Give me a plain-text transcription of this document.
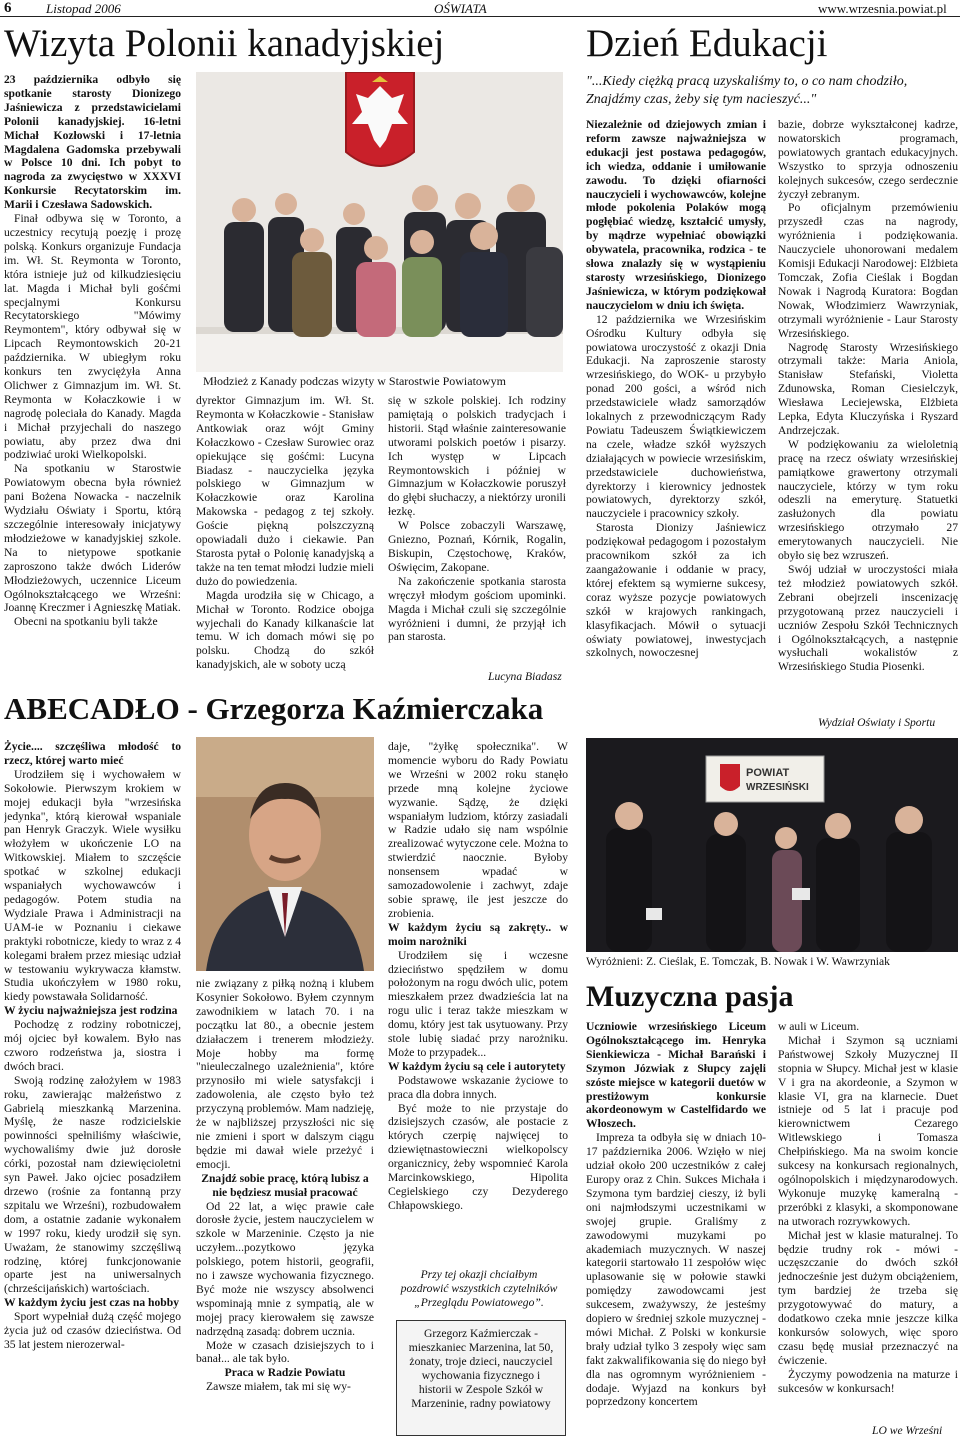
6	Listopad 2006	OŚWIATA	www.wrzesnia.powiat.pl
Wizyta Polonii kanadyjskiej

23 października odbyło się spotkanie starosty Dionizego Jaśniewicza z przedstawicielami Polonii kanadyjskiej. 16-letni Michał Kozłowski i 17-letnia Magdalena Gadomska przebywali w Polsce 10 dni. Ich pobyt to nagroda za zwycięstwo w XXXVI Konkursie Recytatorskim im. Marii i Czesława Sadowskich.

Finał odbywa się w Toronto, a uczestnicy recytują poezję i prozę polską. Konkurs organizuje Fundacja im. Wł. St. Reymonta w Toronto, która istnieje już od kilkudziesięciu lat. Magda i Michał byli gośćmi specjalnymi Konkursu Recytatorskiego "Mówimy Reymontem", który odbywał się w Lipcach Reymontowskich 20-21 października. W ubiegłym roku konkurs ten zwyciężyła Anna Olichwer z Gimnazjum im. Wł. St. Reymonta w Kołaczkowie i w nagrodę poleciała do Kanady. Magda i Michał przyjechali do naszego powiatu, aby przez dwa dni podziwiać uroki Wielkopolski.

Na spotkaniu w Starostwie Powiatowym obecna była również pani Bożena Nowacka - naczelnik Wydziału Oświaty i Sportu, którą szczególnie interesowały inicjatywy młodzieżowe w kanadyjskiej szkole. Na to nietypowe spotkanie zaproszono także dwóch Liderów Młodzieżowych, uczennice Liceum Ogólnokształcącego we Wrześni: Joannę Kreczmer i Agnieszkę Matiak.

Obecni na spotkaniu byli także

Młodzież z Kanady podczas wizyty w Starostwie Powiatowym

dyrektor Gimnazjum im. Wł. St. Reymonta w Kołaczkowie - Stanisław Antkowiak oraz wójt Gminy Kołaczkowo - Czesław Surowiec oraz opiekujące się gośćmi: Lucyna Biadasz - nauczycielka języka polskiego w Gimnazjum w Kołaczkowie oraz Karolina Makowska - pedagog z tej szkoły. Goście piękną polszczyzną opowiadali dużo i ciekawie. Pan Starosta pytał o Polonię kanadyjską a także na ten temat młodzi ludzie mieli dużo do powiedzenia.

Magda urodziła się w Chicago, a Michał w Toronto. Rodzice obojga wyjechali do Kanady kilkanaście lat temu. W ich domach mówi się po polsku. Chodzą do szkół kanadyjskich, ale w soboty uczą

się w szkole polskiej. Ich rodziny pamiętają o polskich tradycjach i historii. Stąd właśnie zainteresowanie utworami polskich poetów i pisarzy. Ich występ w Lipcach Reymontowskich i później w Gimnazjum w Kołaczkowie poruszył do głębi słuchaczy, a niektórzy uronili łezkę.

W Polsce zobaczyli Warszawę, Gniezno, Poznań, Kórnik, Rogalin, Biskupin, Częstochowę, Kraków, Oświęcim, Zakopane.

Na zakończenie spotkania starosta wręczył młodym gościom upominki. Magda i Michał czuli się szczególnie wyróżnieni i dumni, że przyjął ich pan starosta.

Lucyna Biadasz
Dzień Edukacji
"...Kiedy ciężką pracą uzyskaliśmy to, o co nam chodziło, Znajdźmy czas, żeby się tym nacieszyć..."

Niezależnie od dziejowych zmian i reform zawsze najważniejsza w edukacji jest postawa pedagogów, ich wiedza, oddanie i umiłowanie zawodu. To dzięki ofiarności nauczycieli i wychowawców, kolejne młode pokolenia Polaków mogą pogłębiać wiedzę, kształcić umysły, by mądrze wypełniać obowiązki obywatela, pracownika, rodzica - te słowa znalazły się w wystąpieniu starosty wrzesińskiego, Dionizego Jaśniewicza, w którym podziękował nauczycielom w dniu ich święta.

12 października we Wrzesińskim Ośrodku Kultury odbyła się powiatowa uroczystość z okazji Dnia Edukacji. Na zaproszenie starosty wrzesińskiego, do WOK- u przybyło ponad 200 gości, a wśród nich przedstawiciele władz samorządów lokalnych z przewodniczącym Rady Powiatu Tadeuszem Świątkiewiczem na czele, władze szkół wyższych działających w powiecie wrzesińskim, przedstawiciele duchowieństwa, dyrektorzy i kierownicy jednostek powiatowych, dyrektorzy szkół, nauczyciele i pracownicy szkoły.

Starosta Dionizy Jaśniewicz podziękował pedagogom i pozostałym pracownikom szkół za ich zaangażowanie i oddanie w pracy, której efektem są wymierne sukcesy, coraz wyższe pozycje powiatowych szkół w krajowych rankingach, klasyfikacjach. Mówił o sytuacji oświaty powiatowej, inwestycjach szkolnych, nowoczesnej

bazie, dobrze wykształconej kadrze, nowatorskich programach, powiatowych grantach edukacyjnych. Wszystko to sprzyja odnoszeniu kolejnych sukcesów, czego serdecznie życzył zebranym.

Po oficjalnym przemówieniu przyszedł czas na nagrody, wyróżnienia i podziękowania. Nauczyciele uhonorowani medalem Komisji Edukacji Narodowej: Elżbieta Tomczak, Zofia Cieślak i Bogdan Nowak i Nagrodą Kuratora: Bogdan Nowak, Włodzimierz Wawrzyniak, otrzymali wyróżnienie - Laur Starosty Wrzesińskiego.

Nagrodę Starosty Wrzesińskiego otrzymali także: Maria Aniola, Stanisław Stefański, Violetta Zdunowska, Roman Ciesielczyk, Wiesława Leciejewska, Elżbieta Lepka, Edyta Kluczyńska i Ryszard Andrzejczak.

W podziękowaniu za wieloletnią pracę na rzecz oświaty wrzesińskiej pamiątkowe grawertony otrzymali nauczyciele, którzy w tym roku odeszli na emeryturę. Statuetki zasłużonych dla powiatu wrzesińskiego otrzymało 27 emerytowanych nauczycieli. Nie obyło się bez wzruszeń.

Swój udział w uroczystości miała też młodzież powiatowych szkół. Zebrani obejrzeli inscenizację przygotowaną przez nauczycieli i uczniów Zespołu Szkół Technicznych i Ogólnokształcących, a następnie wysłuchali wokalistów z Wrzesińskiego Studia Piosenki.

Wydział Oświaty i Sportu
POWIAT
WRZESIŃSKI
Wyróżnieni: Z. Cieślak, E. Tomczak, B. Nowak i W. Wawrzyniak
ABECADŁO - Grzegorza Kaźmierczaka

Życie.... szczęśliwa młodość to rzecz, której warto mieć

Urodziłem się i wychowałem w Sokołowie. Pierwszym krokiem w mojej edukacji była "wrzesińska jedynka", którą kierował wspaniale pan Henryk Graczyk. Wiele wysiłku włożyłem w ukończenie LO na Witkowskiej. Miałem to szczęście spotkać w szkolnej edukacji wspaniałych wychowawców i pedagogów. Potem studia na Wydziale Prawa i Administracji na UAM-ie w Poznaniu i ciekawe praktyki robotnicze, kiedy to wraz z 4 kolegami brałem przez miesiąc udział w testowaniu wykrywacza kłamstw. Studia ukończyłem w 1980 roku, kiedy powstawała Solidarność.

W życiu najważniejsza jest rodzina

Pochodzę z rodziny robotniczej, mój ojciec był kowalem. Było nas czworo rodzeństwa ja, siostra i dwóch braci.

Swoją rodzinę założyłem w 1983 roku, zawierając małżeństwo z Gabrielą mieszkanką Marzenina. Myślę, że nasze rodzicielskie powinności spełniliśmy właściwie, wychowaliśmy dwie już dorosłe córki, pozostał nam dziewięcioletni syn Paweł. Jako ojciec posadziłem drzewo (rośnie za fontanną przy szpitalu we Wrześni), rozbudowałem dom, a ostatnie zadanie wykonałem w 1997 roku, kiedy urodził się syn. Uważam, że stanowimy szczęśliwą rodzinę, której funkcjonowanie oparte jest na uniwersalnych (chrześcijańskich) wartościach.

W każdym życiu jest czas na hobby

Sport wypełniał dużą część mojego życia już od czasów dzieciństwa. Od 35 lat jestem nierozerwal-

nie związany z piłką nożną i klubem Kosynier Sokołowo. Byłem czynnym zawodnikiem w latach 70. i na początku lat 80., a obecnie jestem działaczem i trenerem młodzieży. Moje hobby ma formę "nieuleczalnego uzależnienia", które przynosiło mi wiele satysfakcji i zadowolenia, ale często było też przyczyną problemów. Mam nadzieję, że w najbliższej przyszłości nic się nie zmieni i sport w dalszym ciągu będzie mi dawał wiele przeżyć i emocji.

Znajdź sobie pracę, którą lubisz a nie będziesz musiał pracować

Od 22 lat, a więc prawie całe dorosłe życie, jestem nauczycielem w szkole w Marzeninie. Często ja nie uczyłem...pozytkowo języka polskiego, potem historii, geografii, no i zawsze wychowania fizycznego. Być może nie wszyscy absolwenci wspominają mnie z sympatią, ale w mojej pracy kierowałem się zawsze nadrzędną zasadą: dobrem ucznia.

Może w czasach dzisiejszych to i banał... ale tak było.

Praca w Radzie Powiatu

Zawsze miałem, tak mi się wy-

daje, "żyłkę społecznika". W momencie wyboru do Rady Powiatu we Wrześni w 2002 roku stanęło przede mną kolejne życiowe wyzwanie. Sądzę, że dzięki wspaniałym ludziom, którzy zasiadali w Radzie udało się nam wspólnie zrealizować wytyczone cele. Można to stwierdzić naocznie. Byłoby nonsensem wpadać w samozadowolenie i zachwyt, zdaje sobie sprawę, ile jest jeszcze do zrobienia.

W każdym życiu są zakręty.. w moim narożniki

Urodziłem się i wczesne dzieciństwo spędziłem w domu położonym na rogu dwóch ulic, potem mieszkałem przez dwadzieścia lat na rogu ulic i teraz także mieszkam w domu, który jest tak usytuowany. Przy stole lubię siadać przy narożniku. Może to przypadek...

W każdym życiu są cele i autorytety

Podstawowe wskazanie życiowe to praca dla dobra innych.

Być może to nie przystaje do dzisiejszych czasów, ale postacie z których czerpię najwięcej to dziewiętnastowieczni wielkopolscy organicznicy, żeby wspomnieć Karola Marcinkowskiego, Hipolita Cegielskiego czy Dezyderego Chłapowskiego.

Przy tej okazji chciałbym pozdrowić wszystkich czytelników „Przeglądu Powiatowego”.
Grzegorz Kaźmierczak - mieszkaniec Marzenina, lat 50, żonaty, troje dzieci, nauczyciel wychowania fizycznego i historii w Zespole Szkół w Marzeninie, radny powiatowy
Muzyczna pasja

Uczniowie wrzesińskiego Liceum Ogólnokształcącego im. Henryka Sienkiewicza - Michał Barański i Szymon Józwiak z Słupcy zajęli szóste miejsce w kategorii duetów w prestiżowym konkursie akordeonowym w Castelfidardo we Włoszech.

Impreza ta odbyła się w dniach 10-17 października 2006. Wzięło w niej udział około 200 uczestników z całej Europy oraz z Chin. Sukces Michała i Szymona tym bardziej cieszy, iż byli oni najmłodszymi uczestnikami w swojej grupie. Graliśmy z zawodowymi muzykami po akademiach muzycznych. W naszej kategorii startowało 11 zespołów więc uplasowanie się w połowie stawki pomiędzy zawodowcami jest sukcesem, zważywszy, że jesteśmy dopiero w średniej szkole muzycznej - mówi Michał. Z Polski w konkursie brały udział tylko 3 zespoły więc sam fakt zakwalifikowania się do niego był dla nas ogromnym wyróżnieniem - dodaje. Wyjazd na konkurs był poprzedzony koncertem

w auli w Liceum.

Michał i Szymon są uczniami Państwowej Szkoły Muzycznej II stopnia w Słupcy. Michał jest w klasie V i gra na akordeonie, a Szymon w klasie VI, gra na klarnecie. Duet istnieje od 5 lat i pracuje pod kierownictwem Cezarego Witlewskiego i Tomasza Chełpińskiego. Ma na swoim koncie sukcesy na konkursach regionalnych, ogólnopolskich i międzynarodowych. Wykonuje muzykę kameralną - przeróbki z klasyki, a skomponowane na utworach rozrywkowych.

Michał jest w klasie maturalnej. To będzie trudny rok - mówi - uczęszczanie do dwóch szkół jednocześnie jest dużym obciążeniem, tym bardziej że trzeba się przygotowywać do matury, a dodatkowo czeka mnie jeszcze kilka konkursów solowych, więc sporo czasu będę musiał przeznaczyć na ćwiczenie.

Życzymy powodzenia na maturze i sukcesów w konkursach!

LO we Wrześni
